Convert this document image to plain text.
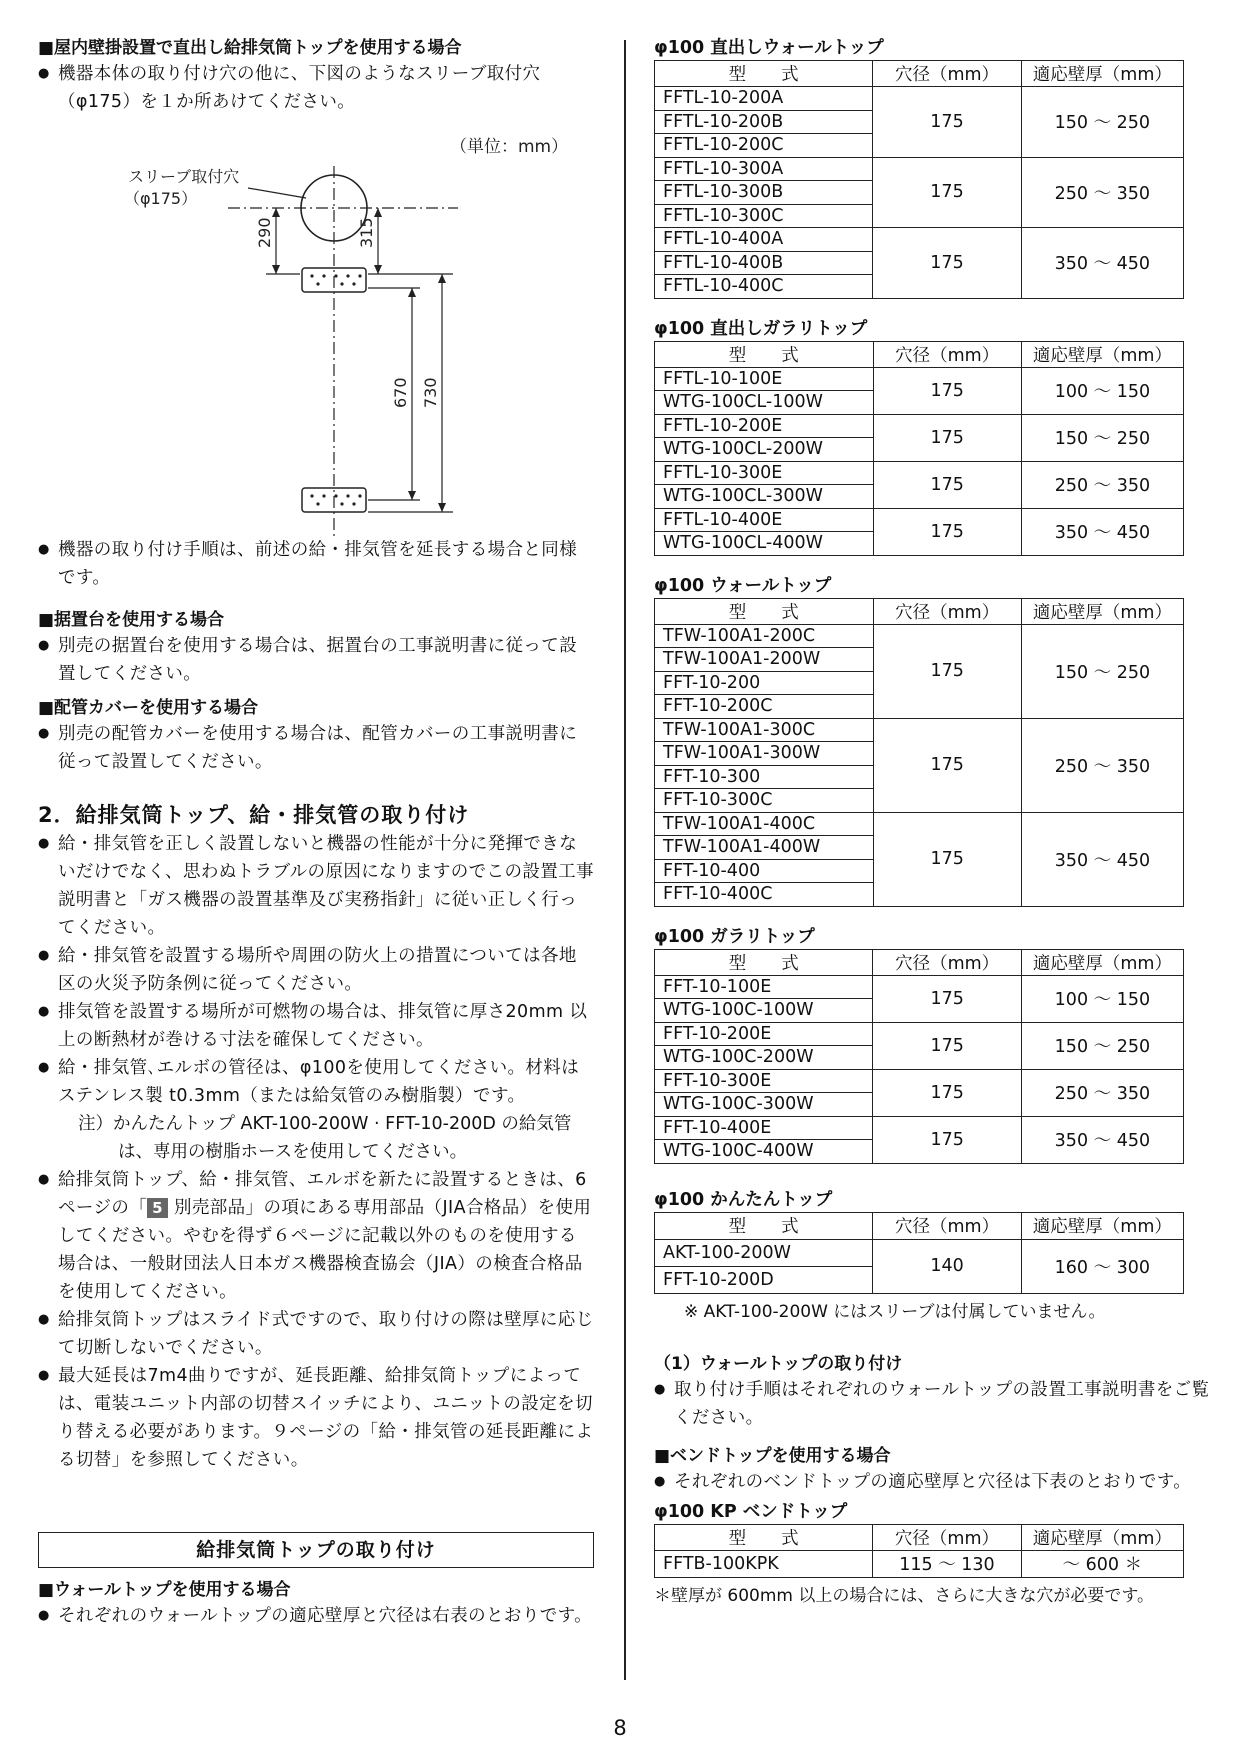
■屋内壁掛設置で直出し給排気筒トップを使用する場合

● 機器本体の取り付け穴の他に、下図のようなスリーブ取付穴（φ175）を１か所あけてください。
（単位：mm）
スリーブ取付穴
（φ175）
290	315
670 730
● 機器の取り付け手順は、前述の給・排気管を延長する場合と同様です。

■据置台を使用する場合

● 別売の据置台を使用する場合は、据置台の工事説明書に従って設置してください。

■配管カバーを使用する場合

● 別売の配管カバーを使用する場合は、配管カバーの工事説明書に従って設置してください。

2．給排気筒トップ、給・排気管の取り付け

● 給・排気管を正しく設置しないと機器の性能が十分に発揮できないだけでなく、思わぬトラブルの原因になりますのでこの設置工事説明書と「ガス機器の設置基準及び実務指針」に従い正しく行ってください。
● 給・排気管を設置する場所や周囲の防火上の措置については各地区の火災予防条例に従ってください。
● 排気管を設置する場所が可燃物の場合は、排気管に厚さ20mm 以上の断熱材が巻ける寸法を確保してください。
● 給・排気管､エルボの管径は、φ100を使用してください。材料はステンレス製 t0.3mm（または給気管のみ樹脂製）です。
注）かんたんトップ AKT-100-200W · FFT-10-200D の給気管は、専用の樹脂ホースを使用してください。
● 給排気筒トップ、給・排気管、エルボを新たに設置するときは、6ページの「 5 別売部品」の項にある専用部品（JIA合格品）を使用してください。やむを得ず６ページに記載以外のものを使用する場合は、一般財団法人日本ガス機器検査協会（JIA）の検査合格品を使用してください。
● 給排気筒トップはスライド式ですので、取り付けの際は壁厚に応じて切断しないでください。
● 最大延長は7m4曲りですが、延長距離、給排気筒トップによっては、電装ユニット内部の切替スイッチにより、ユニットの設定を切り替える必要があります。９ページの「給・排気管の延長距離による切替」を参照してください。
給排気筒トップの取り付け

■ウォールトップを使用する場合

● それぞれのウォールトップの適応壁厚と穴径は右表のとおりです。

φ100 直出しウォールトップ

型　　式	穴径（mm）	適応壁厚（mm）
FFTL-10-200A	175	150 ～ 250
FFTL-10-200B		
FFTL-10-200C		
FFTL-10-300A	175	250 ～ 350
FFTL-10-300B		
FFTL-10-300C		
FFTL-10-400A	175	350 ～ 450
FFTL-10-400B		
FFTL-10-400C		

φ100 直出しガラリトップ

型　　式	穴径（mm）	適応壁厚（mm）
FFTL-10-100E	175	100 ～ 150
WTG-100CL-100W		
FFTL-10-200E	175	150 ～ 250
WTG-100CL-200W		
FFTL-10-300E	175	250 ～ 350
WTG-100CL-300W		
FFTL-10-400E	175	350 ～ 450
WTG-100CL-400W		

φ100 ウォールトップ

型　　式	穴径（mm）	適応壁厚（mm）
TFW-100A1-200C	175	150 ～ 250
TFW-100A1-200W		
FFT-10-200		
FFT-10-200C		
TFW-100A1-300C	175	250 ～ 350
TFW-100A1-300W		
FFT-10-300		
FFT-10-300C		
TFW-100A1-400C	175	350 ～ 450
TFW-100A1-400W		
FFT-10-400		
FFT-10-400C		

φ100 ガラリトップ

型　　式	穴径（mm）	適応壁厚（mm）
FFT-10-100E	175	100 ～ 150
WTG-100C-100W		
FFT-10-200E	175	150 ～ 250
WTG-100C-200W		
FFT-10-300E	175	250 ～ 350
WTG-100C-300W		
FFT-10-400E	175	350 ～ 450
WTG-100C-400W		

φ100 かんたんトップ

型　　式	穴径（mm）	適応壁厚（mm）
AKT-100-200W	140	160 ～ 300
FFT-10-200D		
※ AKT-100-200W にはスリーブは付属していません。

（1）ウォールトップの取り付け

● 取り付け手順はそれぞれのウォールトップの設置工事説明書をご覧ください。

■ベンドトップを使用する場合

● それぞれのベンドトップの適応壁厚と穴径は下表のとおりです。

φ100 KP ベンドトップ

型　　式	穴径（mm）	適応壁厚（mm）
FFTB-100KPK	115 ～ 130	～ 600 ＊
＊壁厚が 600mm 以上の場合には、さらに大きな穴が必要です。
8
